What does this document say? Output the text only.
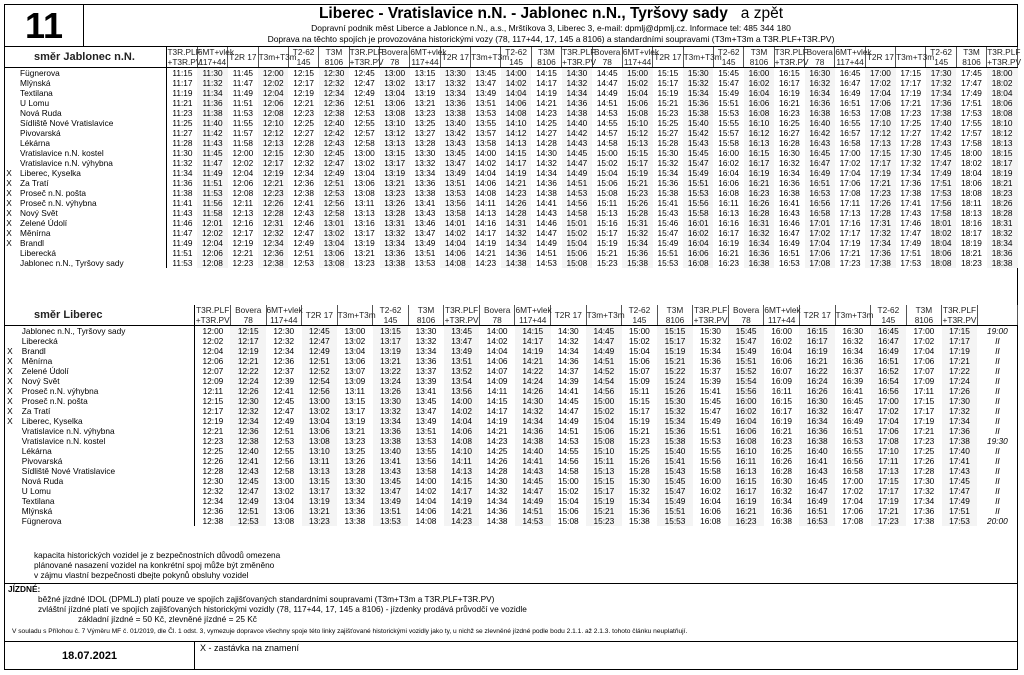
11	Liberec - Vratislavice n.N. - Jablonec n.N., Tyršovy sady a zpět
Dopravní podnik měst Liberce a Jablonce n.N., a.s., Mrštíkova 3, Liberec 3, e-mail: dpmlj@dpmlj.cz. Informace tel: 485 344 180
Doprava na těchto spojích je provozována historickými vozy (78, 117+44, 17, 145 a 8106) a standardními soupravami (T3m+T3m a T3R.PLF+T3R.PV)
směr Jablonec n.N.		T3R.PLF +T3R.PV	6MT+vlek 117+44	T2R 17	T3m+T3m	T2-62 145	T3M 8106	T3R.PLF +T3R.PV	Bovera 78	6MT+vlek 117+44	T2R 17	T3m+T3m	T2-62 145	T3M 8106	T3R.PLF +T3R.PV	Bovera 78	6MT+vlek 117+44	T2R 17	T3m+T3m	T2-62 145	T3M 8106	T3R.PLF +T3R.PV	Bovera 78	6MT+vlek 117+44	T2R 17	T3m+T3m	T2-62 145	T3M 8106	T3R.PLF +T3R.PV

	Fügnerova	11:15	11:30	11:45	12:00	12:15	12:30	12:45	13:00	13:15	13:30	13:45	14:00	14:15	14:30	14:45	15:00	15:15	15:30	15:45	16:00	16:15	16:30	16:45	17:00	17:15	17:30	17:45	18:00
	Mlýnská	11:17	11:32	11:47	12:02	12:17	12:32	12:47	13:02	13:17	13:32	13:47	14:02	14:17	14:32	14:47	15:02	15:17	15:32	15:47	16:02	16:17	16:32	16:47	17:02	17:17	17:32	17:47	18:02
	Textilana	11:19	11:34	11:49	12:04	12:19	12:34	12:49	13:04	13:19	13:34	13:49	14:04	14:19	14:34	14:49	15:04	15:19	15:34	15:49	16:04	16:19	16:34	16:49	17:04	17:19	17:34	17:49	18:04
	U Lomu	11:21	11:36	11:51	12:06	12:21	12:36	12:51	13:06	13:21	13:36	13:51	14:06	14:21	14:36	14:51	15:06	15:21	15:36	15:51	16:06	16:21	16:36	16:51	17:06	17:21	17:36	17:51	18:06
	Nová Ruda	11:23	11:38	11:53	12:08	12:23	12:38	12:53	13:08	13:23	13:38	13:53	14:08	14:23	14:38	14:53	15:08	15:23	15:38	15:53	16:08	16:23	16:38	16:53	17:08	17:23	17:38	17:53	18:08
	Sídliště Nové Vratislavice	11:25	11:40	11:55	12:10	12:25	12:40	12:55	13:10	13:25	13:40	13:55	14:10	14:25	14:40	14:55	15:10	15:25	15:40	15:55	16:10	16:25	16:40	16:55	17:10	17:25	17:40	17:55	18:10
	Pivovarská	11:27	11:42	11:57	12:12	12:27	12:42	12:57	13:12	13:27	13:42	13:57	14:12	14:27	14:42	14:57	15:12	15:27	15:42	15:57	16:12	16:27	16:42	16:57	17:12	17:27	17:42	17:57	18:12
	Lékárna	11:28	11:43	11:58	12:13	12:28	12:43	12:58	13:13	13:28	13:43	13:58	14:13	14:28	14:43	14:58	15:13	15:28	15:43	15:58	16:13	16:28	16:43	16:58	17:13	17:28	17:43	17:58	18:13
	Vratislavice n.N. kostel	11:30	11:45	12:00	12:15	12:30	12:45	13:00	13:15	13:30	13:45	14:00	14:15	14:30	14:45	15:00	15:15	15:30	15:45	16:00	16:15	16:30	16:45	17:00	17:15	17:30	17:45	18:00	18:15
	Vratislavice n.N. výhybna	11:32	11:47	12:02	12:17	12:32	12:47	13:02	13:17	13:32	13:47	14:02	14:17	14:32	14:47	15:02	15:17	15:32	15:47	16:02	16:17	16:32	16:47	17:02	17:17	17:32	17:47	18:02	18:17
X	Liberec, Kyselka	11:34	11:49	12:04	12:19	12:34	12:49	13:04	13:19	13:34	13:49	14:04	14:19	14:34	14:49	15:04	15:19	15:34	15:49	16:04	16:19	16:34	16:49	17:04	17:19	17:34	17:49	18:04	18:19
X	Za Tratí	11:36	11:51	12:06	12:21	12:36	12:51	13:06	13:21	13:36	13:51	14:06	14:21	14:36	14:51	15:06	15:21	15:36	15:51	16:06	16:21	16:36	16:51	17:06	17:21	17:36	17:51	18:06	18:21
X	Proseč n.N. pošta	11:38	11:53	12:08	12:23	12:38	12:53	13:08	13:23	13:38	13:53	14:08	14:23	14:38	14:53	15:08	15:23	15:38	15:53	16:08	16:23	16:38	16:53	17:08	17:23	17:38	17:53	18:08	18:23
X	Proseč n.N. výhybna	11:41	11:56	12:11	12:26	12:41	12:56	13:11	13:26	13:41	13:56	14:11	14:26	14:41	14:56	15:11	15:26	15:41	15:56	16:11	16:26	16:41	16:56	17:11	17:26	17:41	17:56	18:11	18:26
X	Nový Svět	11:43	11:58	12:13	12:28	12:43	12:58	13:13	13:28	13:43	13:58	14:13	14:28	14:43	14:58	15:13	15:28	15:43	15:58	16:13	16:28	16:43	16:58	17:13	17:28	17:43	17:58	18:13	18:28
X	Zelené Údolí	11:46	12:01	12:16	12:31	12:46	13:01	13:16	13:31	13:46	14:01	14:16	14:31	14:46	15:01	15:16	15:31	15:46	16:01	16:16	16:31	16:46	17:01	17:16	17:31	17:46	18:01	18:16	18:31
X	Měnírna	11:47	12:02	12:17	12:32	12:47	13:02	13:17	13:32	13:47	14:02	14:17	14:32	14:47	15:02	15:17	15:32	15:47	16:02	16:17	16:32	16:47	17:02	17:17	17:32	17:47	18:02	18:17	18:32
X	Brandl	11:49	12:04	12:19	12:34	12:49	13:04	13:19	13:34	13:49	14:04	14:19	14:34	14:49	15:04	15:19	15:34	15:49	16:04	16:19	16:34	16:49	17:04	17:19	17:34	17:49	18:04	18:19	18:34
	Liberecká	11:51	12:06	12:21	12:36	12:51	13:06	13:21	13:36	13:51	14:06	14:21	14:36	14:51	15:06	15:21	15:36	15:51	16:06	16:21	16:36	16:51	17:06	17:21	17:36	17:51	18:06	18:21	18:36
	Jablonec n.N., Tyršovy sady	11:53	12:08	12:23	12:38	12:53	13:08	13:23	13:38	13:53	14:08	14:23	14:38	14:53	15:08	15:23	15:38	15:53	16:08	16:23	16:38	16:53	17:08	17:23	17:38	17:53	18:08	18:23	18:38
směr Liberec		T3R.PLF +T3R.PV	Bovera 78	6MT+vlek 117+44	T2R 17	T3m+T3m	T2-62 145	T3M 8106	T3R.PLF +T3R.PV	Bovera 78	6MT+vlek 117+44	T2R 17	T3m+T3m	T2-62 145	T3M 8106	T3R.PLF +T3R.PV	Bovera 78	6MT+vlek 117+44	T2R 17	T3m+T3m	T2-62 145	T3M 8106	T3R.PLF +T3R.PV	

	Jablonec n.N., Tyršovy sady	12:00	12:15	12:30	12:45	13:00	13:15	13:30	13:45	14:00	14:15	14:30	14:45	15:00	15:15	15:30	15:45	16:00	16:15	16:30	16:45	17:00	17:15	19:00
	Liberecká	12:02	12:17	12:32	12:47	13:02	13:17	13:32	13:47	14:02	14:17	14:32	14:47	15:02	15:17	15:32	15:47	16:02	16:17	16:32	16:47	17:02	17:17	II
X	Brandl	12:04	12:19	12:34	12:49	13:04	13:19	13:34	13:49	14:04	14:19	14:34	14:49	15:04	15:19	15:34	15:49	16:04	16:19	16:34	16:49	17:04	17:19	II
X	Měnírna	12:06	12:21	12:36	12:51	13:06	13:21	13:36	13:51	14:06	14:21	14:36	14:51	15:06	15:21	15:36	15:51	16:06	16:21	16:36	16:51	17:06	17:21	II
X	Zelené Údolí	12:07	12:22	12:37	12:52	13:07	13:22	13:37	13:52	14:07	14:22	14:37	14:52	15:07	15:22	15:37	15:52	16:07	16:22	16:37	16:52	17:07	17:22	II
X	Nový Svět	12:09	12:24	12:39	12:54	13:09	13:24	13:39	13:54	14:09	14:24	14:39	14:54	15:09	15:24	15:39	15:54	16:09	16:24	16:39	16:54	17:09	17:24	II
X	Proseč n.N. výhybna	12:11	12:26	12:41	12:56	13:11	13:26	13:41	13:56	14:11	14:26	14:41	14:56	15:11	15:26	15:41	15:56	16:11	16:26	16:41	16:56	17:11	17:26	II
X	Proseč n.N. pošta	12:15	12:30	12:45	13:00	13:15	13:30	13:45	14:00	14:15	14:30	14:45	15:00	15:15	15:30	15:45	16:00	16:15	16:30	16:45	17:00	17:15	17:30	II
X	Za Tratí	12:17	12:32	12:47	13:02	13:17	13:32	13:47	14:02	14:17	14:32	14:47	15:02	15:17	15:32	15:47	16:02	16:17	16:32	16:47	17:02	17:17	17:32	II
X	Liberec, Kyselka	12:19	12:34	12:49	13:04	13:19	13:34	13:49	14:04	14:19	14:34	14:49	15:04	15:19	15:34	15:49	16:04	16:19	16:34	16:49	17:04	17:19	17:34	II
	Vratislavice n.N. výhybna	12:21	12:36	12:51	13:06	13:21	13:36	13:51	14:06	14:21	14:36	14:51	15:06	15:21	15:36	15:51	16:06	16:21	16:36	16:51	17:06	17:21	17:36	II
	Vratislavice n.N. kostel	12:23	12:38	12:53	13:08	13:23	13:38	13:53	14:08	14:23	14:38	14:53	15:08	15:23	15:38	15:53	16:08	16:23	16:38	16:53	17:08	17:23	17:38	19:30
	Lékárna	12:25	12:40	12:55	13:10	13:25	13:40	13:55	14:10	14:25	14:40	14:55	15:10	15:25	15:40	15:55	16:10	16:25	16:40	16:55	17:10	17:25	17:40	II
	Pivovarská	12:26	12:41	12:56	13:11	13:26	13:41	13:56	14:11	14:26	14:41	14:56	15:11	15:26	15:41	15:56	16:11	16:26	16:41	16:56	17:11	17:26	17:41	II
	Sídliště Nové Vratislavice	12:28	12:43	12:58	13:13	13:28	13:43	13:58	14:13	14:28	14:43	14:58	15:13	15:28	15:43	15:58	16:13	16:28	16:43	16:58	17:13	17:28	17:43	II
	Nová Ruda	12:30	12:45	13:00	13:15	13:30	13:45	14:00	14:15	14:30	14:45	15:00	15:15	15:30	15:45	16:00	16:15	16:30	16:45	17:00	17:15	17:30	17:45	II
	U Lomu	12:32	12:47	13:02	13:17	13:32	13:47	14:02	14:17	14:32	14:47	15:02	15:17	15:32	15:47	16:02	16:17	16:32	16:47	17:02	17:17	17:32	17:47	II
	Textilana	12:34	12:49	13:04	13:19	13:34	13:49	14:04	14:19	14:34	14:49	15:04	15:19	15:34	15:49	16:04	16:19	16:34	16:49	17:04	17:19	17:34	17:49	II
	Mlýnská	12:36	12:51	13:06	13:21	13:36	13:51	14:06	14:21	14:36	14:51	15:06	15:21	15:36	15:51	16:06	16:21	16:36	16:51	17:06	17:21	17:36	17:51	II
	Fügnerova	12:38	12:53	13:08	13:23	13:38	13:53	14:08	14:23	14:38	14:53	15:08	15:23	15:38	15:53	16:08	16:23	16:38	16:53	17:08	17:23	17:38	17:53	20:00
kapacita historických vozidel je z bezpečnostních důvodů omezena
plánované nasazení vozidel na konkrétní spoj může být změněno
v zájmu vlastní bezpečnosti dbejte pokynů obsluhy vozidel
JÍZDNÉ:
běžné jízdné IDOL (DPMLJ) platí pouze ve spojích zajišťovaných standardními soupravami (T3m+T3m a T3R.PLF+T3R.PV)
zvláštní jízdné platí ve spojích zajišťovaných historickými vozidly (78, 117+44, 17, 145 a 8106) - jízdenky prodává průvodčí ve vozidle
základní jízdné = 50 Kč, zlevněné jízdné = 25 Kč
V souladu s Přílohou č. 7 Výměru MF č. 01/2019, dle Čl. 1 odst. 3, vymezuje dopravce všechny spoje této linky zajišťované historickými vozidly jako ty, u nichž se zlevněné jízdné podle bodu 2.1.1. až 2.1.3. tohoto článku neuplatňují.
18.07.2021
X - zastávka na znamení
